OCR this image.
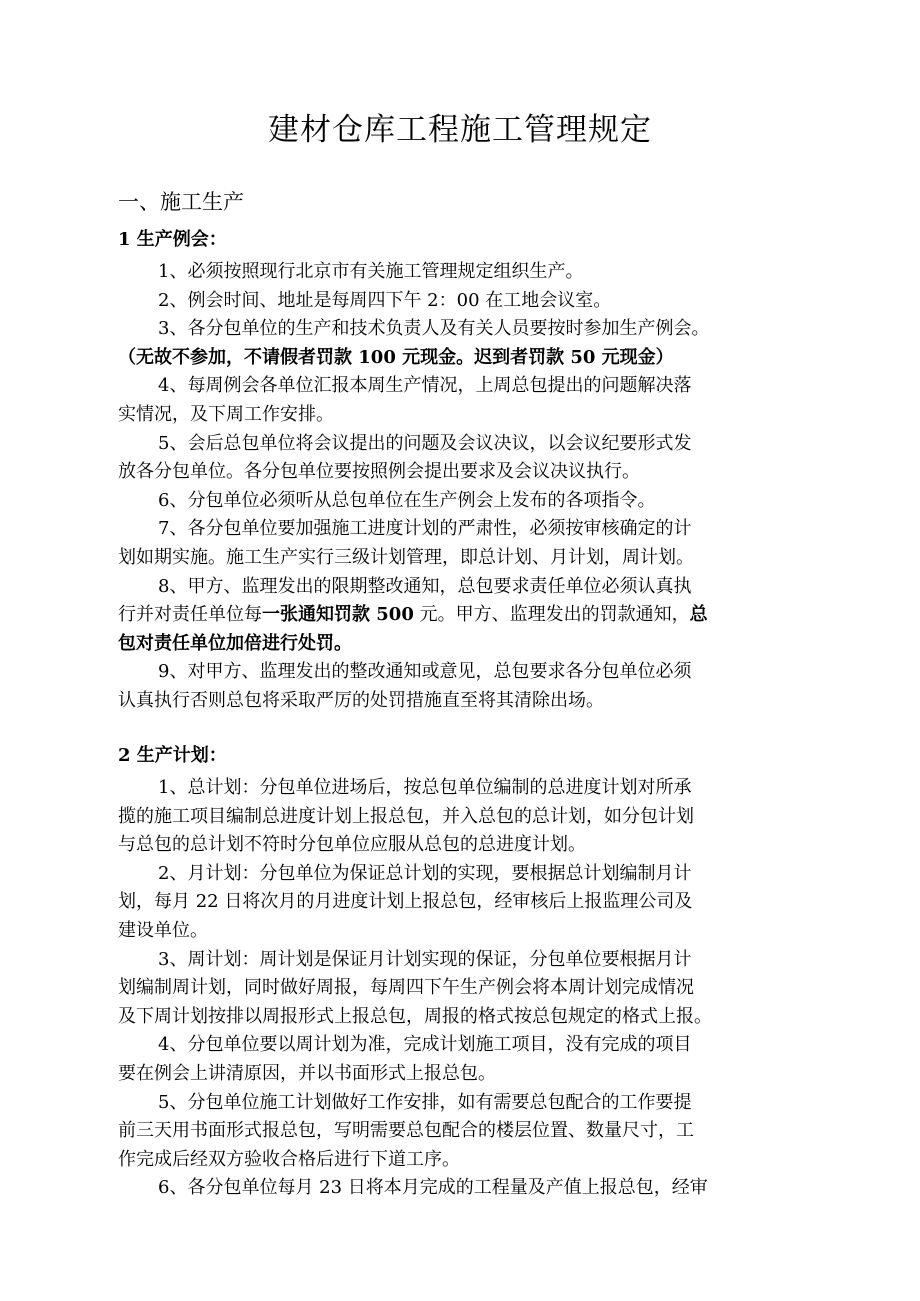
建材仓库工程施工管理规定
一、施工生产
1 生产例会：
1、必须按照现行北京市有关施工管理规定组织生产。
2、例会时间、地址是每周四下午 2：00 在工地会议室。
3、各分包单位的生产和技术负责人及有关人员要按时参加生产例会。
（无故不参加，不请假者罚款 100 元现金。迟到者罚款 50 元现金）
4、每周例会各单位汇报本周生产情况，上周总包提出的问题解决落
实情况，及下周工作安排。
5、会后总包单位将会议提出的问题及会议决议，以会议纪要形式发
放各分包单位。各分包单位要按照例会提出要求及会议决议执行。
6、分包单位必须听从总包单位在生产例会上发布的各项指令。
7、各分包单位要加强施工进度计划的严肃性，必须按审核确定的计
划如期实施。施工生产实行三级计划管理，即总计划、月计划，周计划。
8、甲方、监理发出的限期整改通知，总包要求责任单位必须认真执
行并对责任单位每一张通知罚款 500 元。甲方、监理发出的罚款通知，总
包对责任单位加倍进行处罚。
9、对甲方、监理发出的整改通知或意见，总包要求各分包单位必须
认真执行否则总包将采取严厉的处罚措施直至将其清除出场。
2 生产计划：
1、总计划：分包单位进场后，按总包单位编制的总进度计划对所承
揽的施工项目编制总进度计划上报总包，并入总包的总计划，如分包计划
与总包的总计划不符时分包单位应服从总包的总进度计划。
2、月计划：分包单位为保证总计划的实现，要根据总计划编制月计
划，每月 22 日将次月的月进度计划上报总包，经审核后上报监理公司及
建设单位。
3、周计划：周计划是保证月计划实现的保证，分包单位要根据月计
划编制周计划，同时做好周报，每周四下午生产例会将本周计划完成情况
及下周计划按排以周报形式上报总包，周报的格式按总包规定的格式上报。
4、分包单位要以周计划为准，完成计划施工项目，没有完成的项目
要在例会上讲清原因，并以书面形式上报总包。
5、分包单位施工计划做好工作安排，如有需要总包配合的工作要提
前三天用书面形式报总包，写明需要总包配合的楼层位置、数量尺寸，工
作完成后经双方验收合格后进行下道工序。
6、各分包单位每月 23 日将本月完成的工程量及产值上报总包，经审
